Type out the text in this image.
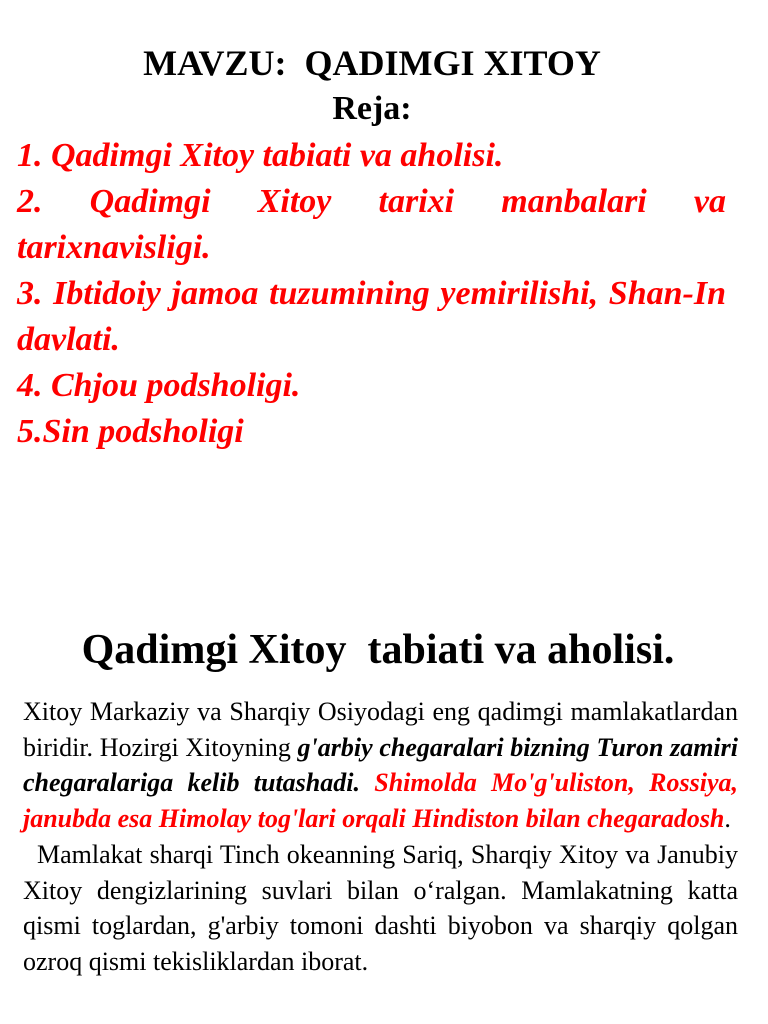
MAVZU:  QADIMGI XITOY
Reja:
1. Qadimgi Xitoy tabiati va aholisi.
2. Qadimgi Xitoy tarixi manbalari va tarixnavisligi.
3. Ibtidoiy jamoa tuzumining yemirilishi, Shan-In davlati.
4. Chjou podsholigi.
5.Sin podsholigi
Qadimgi Xitoy  tabiati va aholisi.

Xitoy Markaziy va Sharqiy Osiyodagi eng qadimgi mamlakatlardan biridir. Hozirgi Xitoyning g'arbiy chegaralari bizning Turon zamiri chegaralariga kelib tutashadi. Shimolda Mo'g'uliston, Rossiya, janubda esa Himolay tog'lari orqali Hindiston bilan chegaradosh.

Mamlakat sharqi Tinch okeanning Sariq, Sharqiy Xitoy va Janubiy Xitoy dengizlarining suvlari bilan o‘ralgan. Mamlakatning katta qismi toglardan, g'arbiy tomoni dashti biyobon va sharqiy qolgan ozroq qismi tekisliklardan iborat.
